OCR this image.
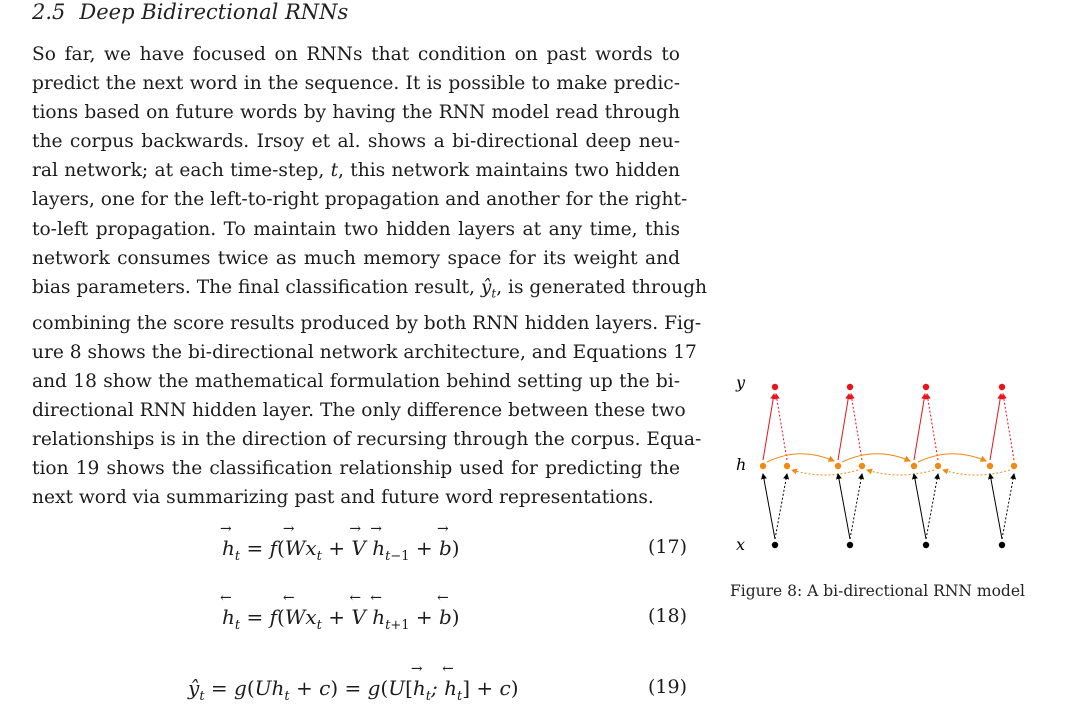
2.5 Deep Bidirectional RNNs
So far, we have focused on RNNs that condition on past words to
predict the next word in the sequence. It is possible to make predic-
tions based on future words by having the RNN model read through
the corpus backwards. Irsoy et al. shows a bi-directional deep neu-
ral network; at each time-step, t, this network maintains two hidden
layers, one for the left-to-right propagation and another for the right-
to-left propagation. To maintain two hidden layers at any time, this
network consumes twice as much memory space for its weight and
bias parameters. The final classification result, $ŷ_t$, is generated through
combining the score results produced by both RNN hidden layers. Fig-
ure 8 shows the bi-directional network architecture, and Equations 17
and 18 show the mathematical formulation behind setting up the bi-
directional RNN hidden layer. The only difference between these two
relationships is in the direction of recursing through the corpus. Equa-
tion 19 shows the classification relationship used for predicting the
next word via summarizing past and future word representations.
→ $h_t = f(\to Wx_t$ + → $V \to h_{t-1}$ + → b)	(17)
← $h_t$ = f(← $Wx_t$ + ← V ← $h_{t+1}$ + ← b)	(18)
$ŷ_t = g(Uh_t + c) = g(U[\to h_t$; ← $h_t] + c$)	(19)
y
h
x
Figure 8: A bi-directional RNN model
